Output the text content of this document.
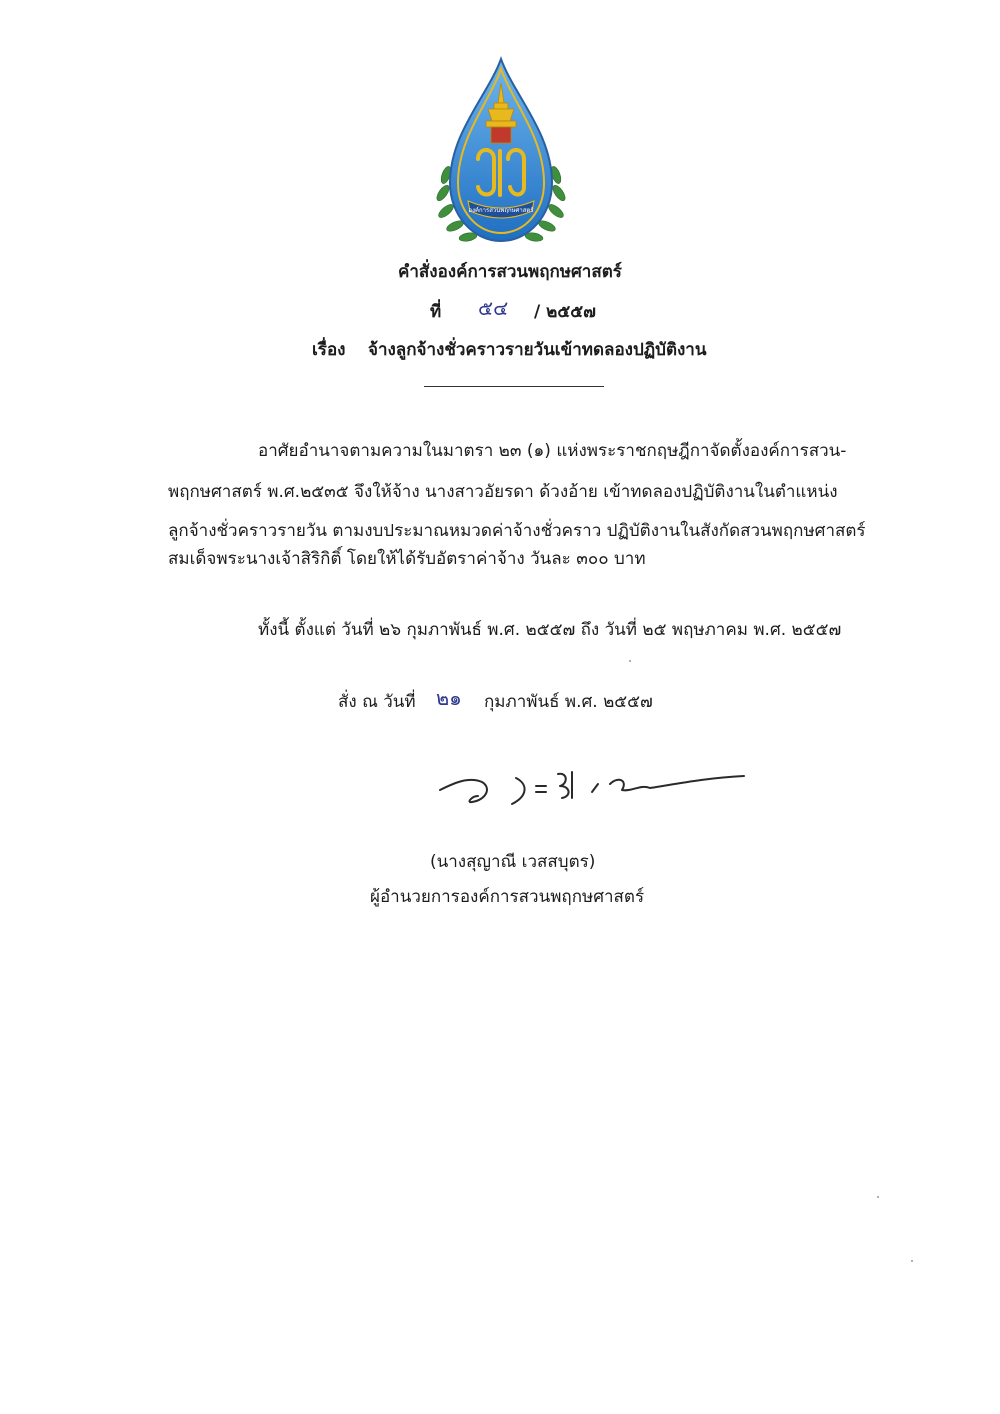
องค์การสวนพฤกษศาสตร์
คำสั่งองค์การสวนพฤกษศาสตร์
ที่ ๕๔ / ๒๕๕๗
เรื่อง จ้างลูกจ้างชั่วคราวรายวันเข้าทดลองปฏิบัติงาน
อาศัยอำนาจตามความในมาตรา ๒๓ (๑) แห่งพระราชกฤษฎีกาจัดตั้งองค์การสวน-
พฤกษศาสตร์ พ.ศ.๒๕๓๕ จึงให้จ้าง นางสาวอัยรดา ด้วงอ้าย เข้าทดลองปฏิบัติงานในตำแหน่ง
ลูกจ้างชั่วคราวรายวัน ตามงบประมาณหมวดค่าจ้างชั่วคราว ปฏิบัติงานในสังกัดสวนพฤกษศาสตร์
สมเด็จพระนางเจ้าสิริกิติ์ โดยให้ได้รับอัตราค่าจ้าง วันละ ๓๐๐ บาท
ทั้งนี้ ตั้งแต่ วันที่ ๒๖ กุมภาพันธ์ พ.ศ. ๒๕๕๗ ถึง วันที่ ๒๕ พฤษภาคม พ.ศ. ๒๕๕๗
สั่ง ณ วันที่ ๒๑ กุมภาพันธ์ พ.ศ. ๒๕๕๗
(นางสุญาณี เวสสบุตร)
ผู้อำนวยการองค์การสวนพฤกษศาสตร์
